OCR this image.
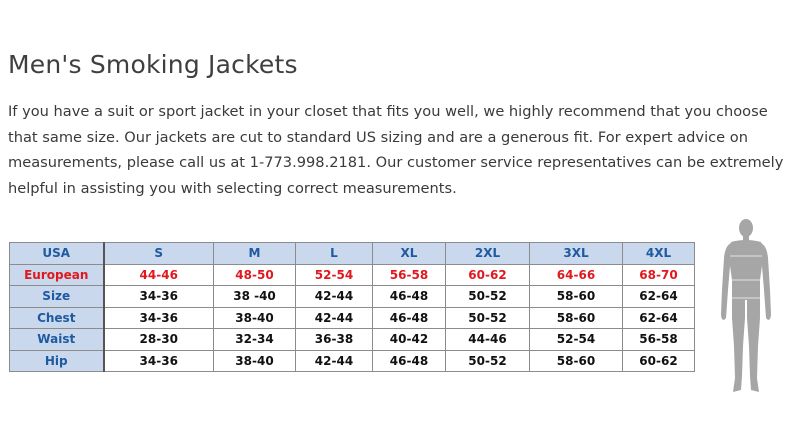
Men's Smoking Jackets
If you have a suit or sport jacket in your closet that fits you well, we highly recommend that you choose that same size. Our jackets are cut to standard US sizing and are a generous fit. For expert advice on measurements, please call us at 1-773.998.2181. Our customer service representatives can be extremely helpful in assisting you with selecting correct measurements.
USA	S	M	L	XL	2XL	3XL	4XL
European	44-46	48-50	52-54	56-58	60-62	64-66	68-70
Size	34-36	38 -40	42-44	46-48	50-52	58-60	62-64
Chest	34-36	38-40	42-44	46-48	50-52	58-60	62-64
Waist	28-30	32-34	36-38	40-42	44-46	52-54	56-58
Hip	34-36	38-40	42-44	46-48	50-52	58-60	60-62
